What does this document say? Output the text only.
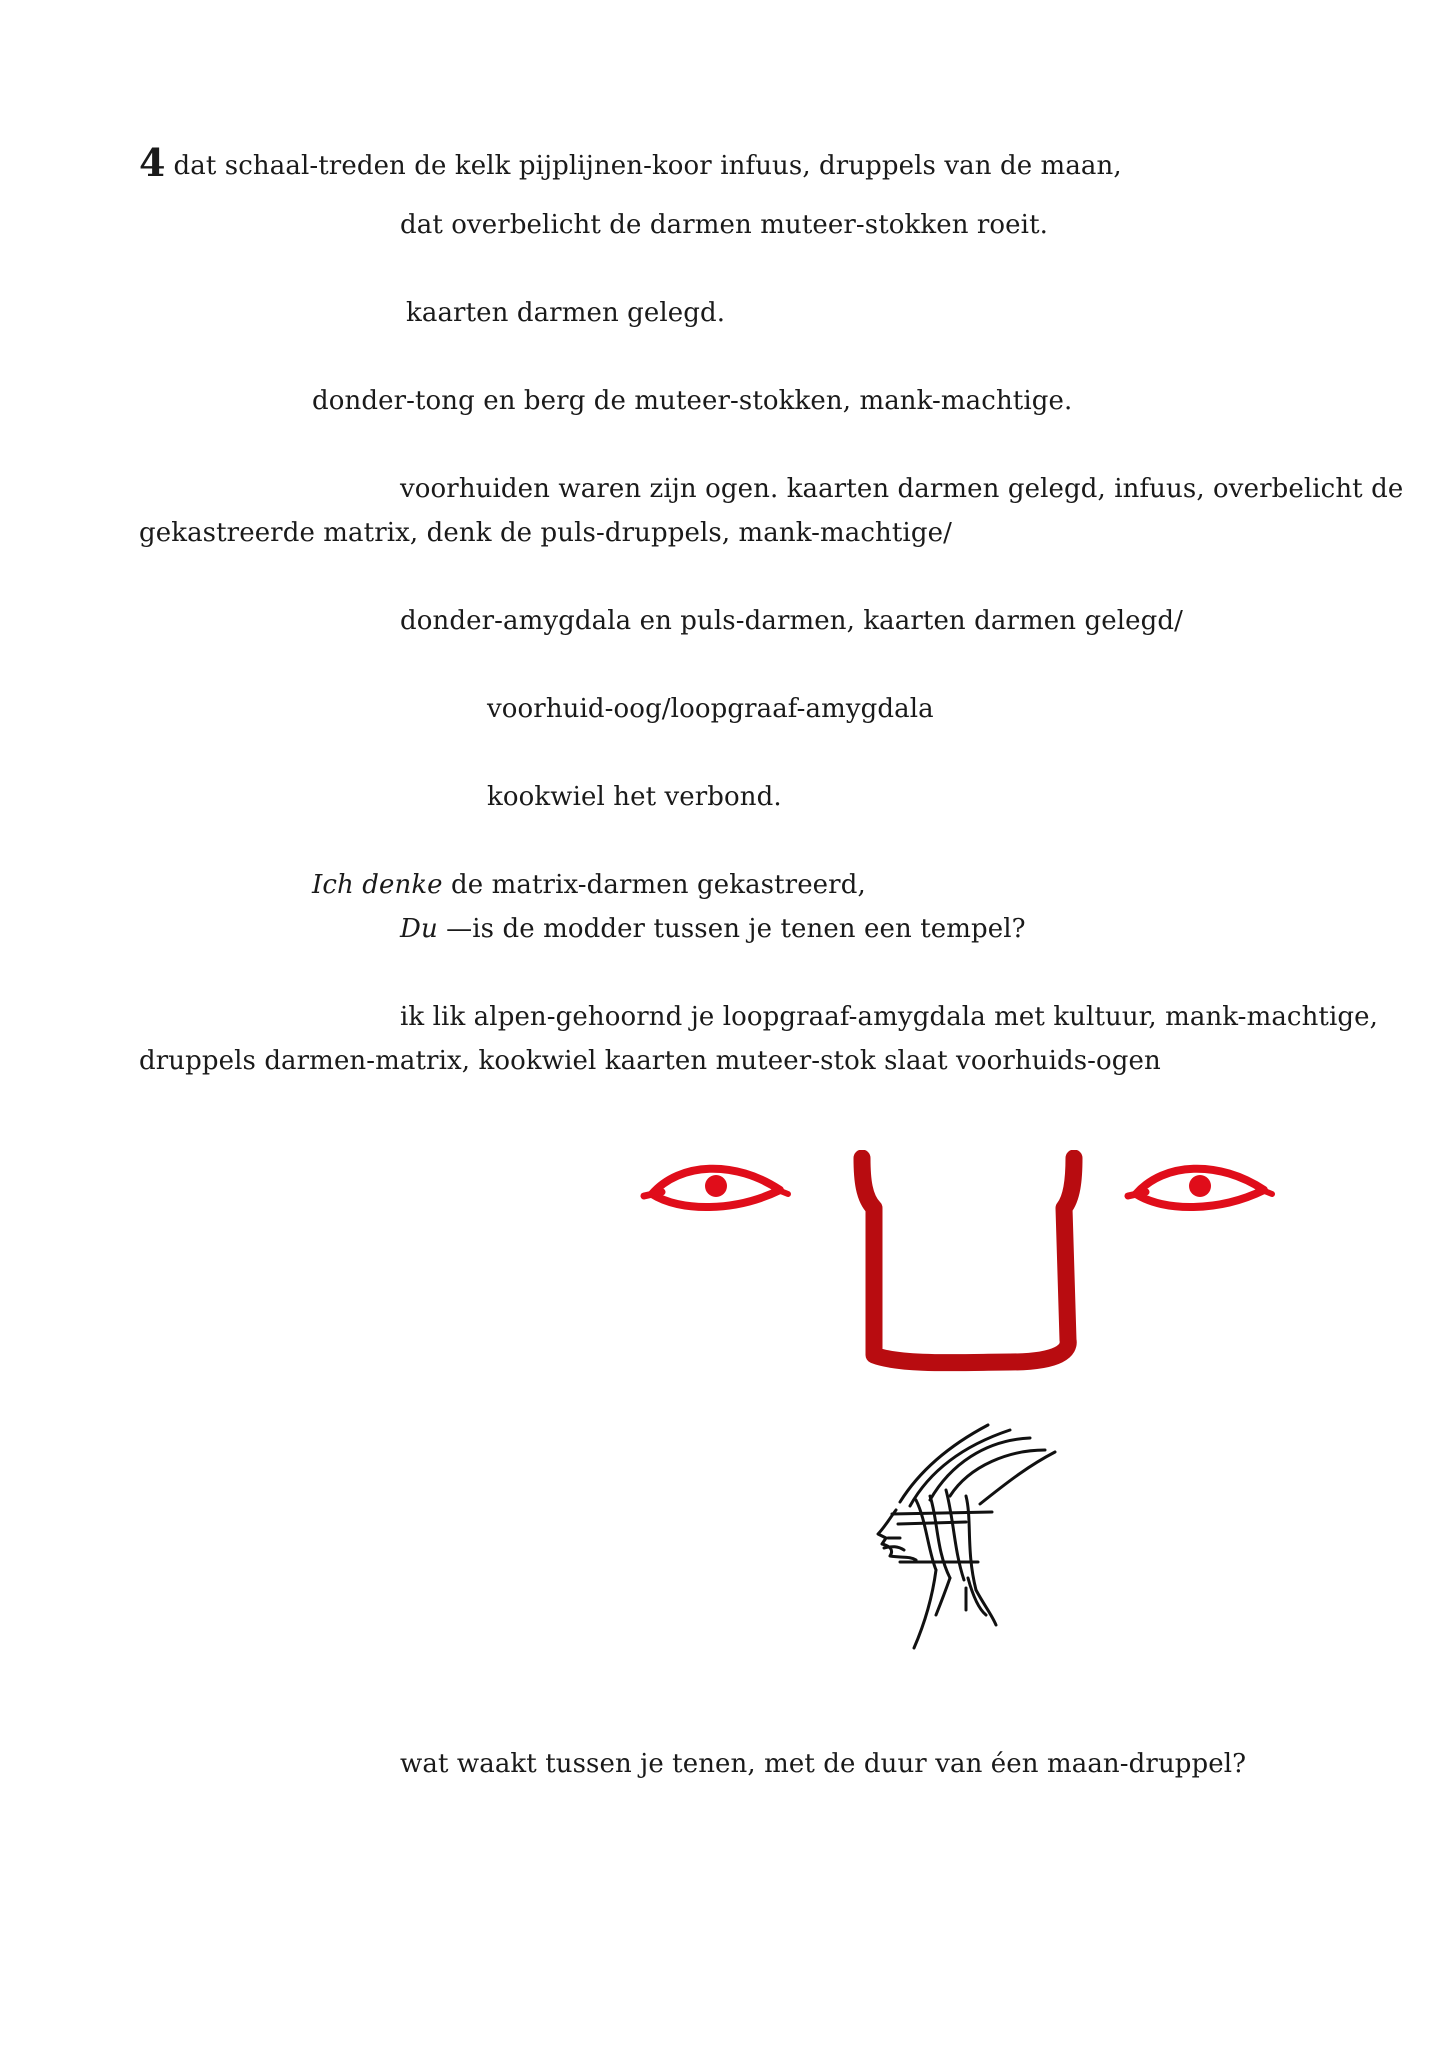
4 dat schaal-treden de kelk pijplijnen-koor infuus, druppels van de maan,
dat overbelicht de darmen muteer-stokken roeit.
kaarten darmen gelegd.
donder-tong en berg de muteer-stokken, mank-machtige.
voorhuiden waren zijn ogen. kaarten darmen gelegd, infuus, overbelicht de
gekastreerde matrix, denk de puls-druppels, mank-machtige/
donder-amygdala en puls-darmen, kaarten darmen gelegd/
voorhuid-oog/loopgraaf-amygdala
kookwiel het verbond.
Ich denke de matrix-darmen gekastreerd,
Du —is de modder tussen je tenen een tempel?
ik lik alpen-gehoornd je loopgraaf-amygdala met kultuur, mank-machtige,
druppels darmen-matrix, kookwiel kaarten muteer-stok slaat voorhuids-ogen
wat waakt tussen je tenen, met de duur van éen maan-druppel?
